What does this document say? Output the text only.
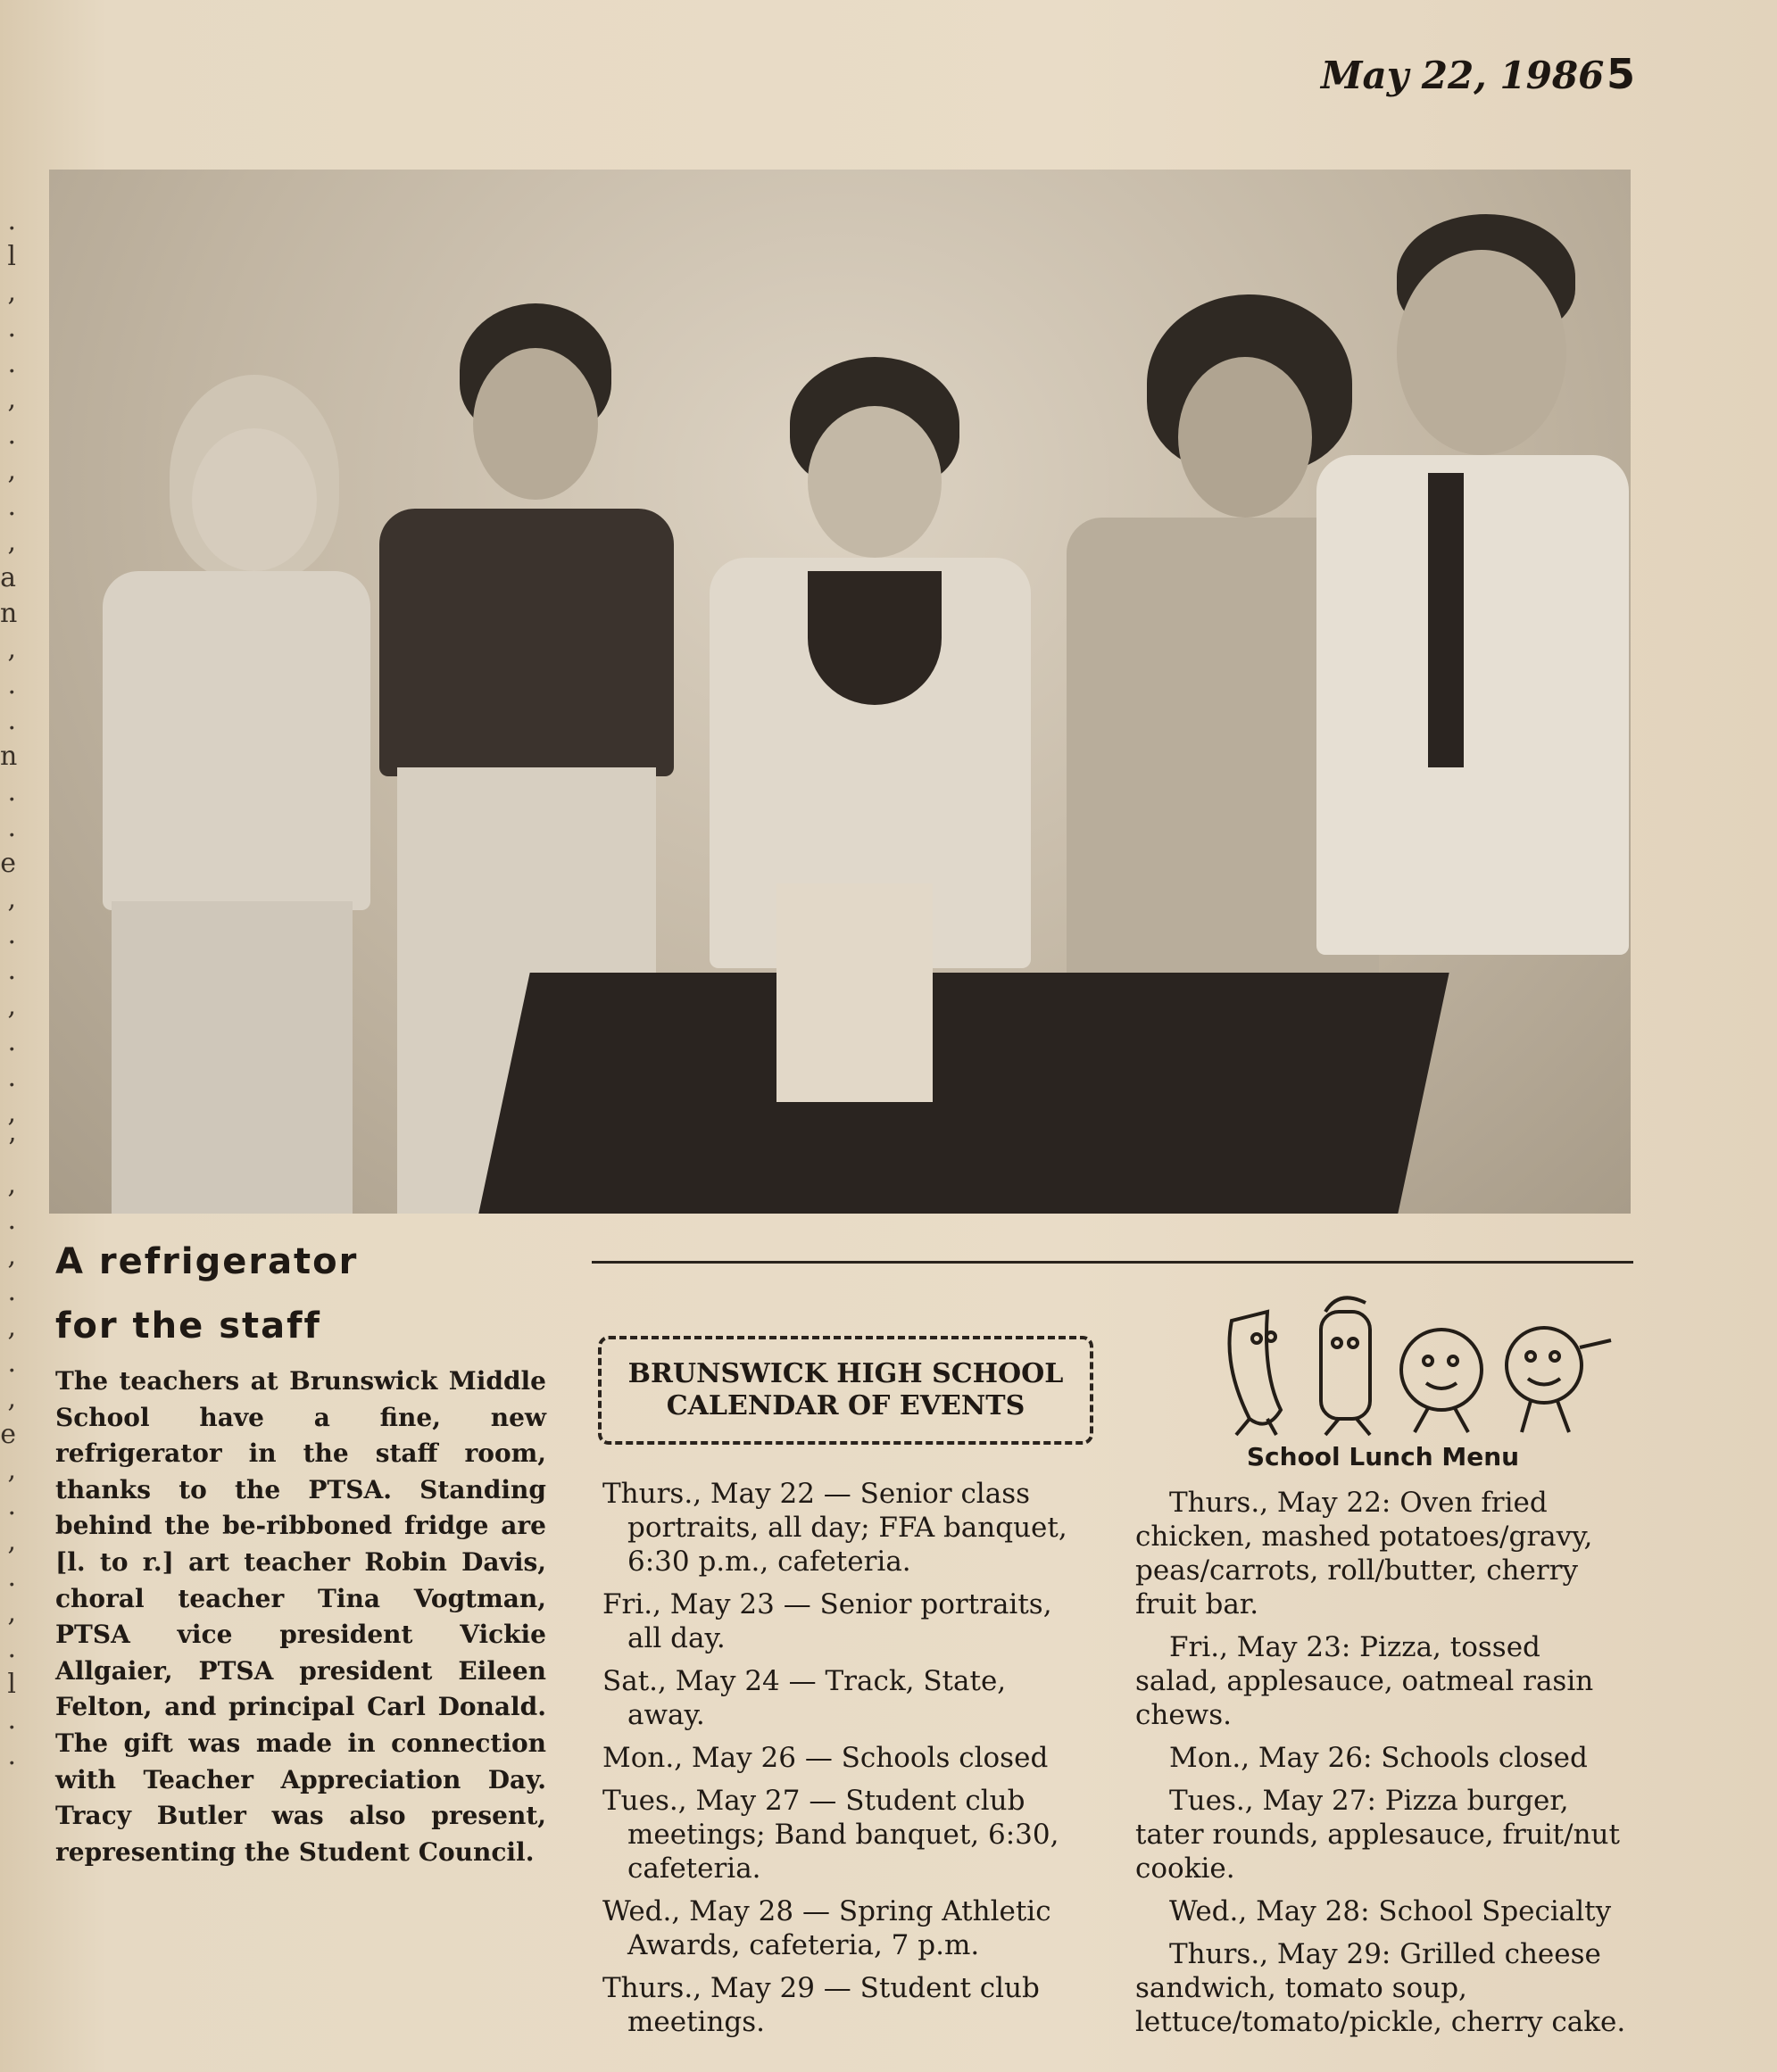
.
l
,
.
.
,
.
,
.
,
a
n
,
.
.
n
.
.
e
,
.
.
,
.
.
,
’
,
.
,
.
,
.
,
e
,
.
,
.
,
.
l
.
.
May 22, 1986 5
A refrigerator
for the staff
The teachers at Brunswick Middle School have a fine, new refrigerator in the staff room, thanks to the PTSA. Standing behind the be-ribboned fridge are [l. to r.] art teacher Robin Davis, choral teacher Tina Vogtman, PTSA vice president Vickie Allgaier, PTSA president Eileen Felton, and principal Carl Donald. The gift was made in connection with Teacher Appreciation Day. Tracy Butler was also present, representing the Student Council.
BRUNSWICK HIGH SCHOOL
CALENDAR OF EVENTS
Thurs., May 22 — Senior class
portraits, all day; FFA banquet, 6:30 p.m., cafeteria.
Fri., May 23 — Senior portraits,
all day.
Sat., May 24 — Track, State,
away.
Mon., May 26 — Schools closed
Tues., May 27 — Student club
meetings; Band banquet, 6:30, cafeteria.
Wed., May 28 — Spring Athletic
Awards, cafeteria, 7 p.m.
Thurs., May 29 — Student club
meetings.
School Lunch Menu
Thurs., May 22: Oven fried chicken, mashed potatoes/gravy, peas/carrots, roll/butter, cherry fruit bar.
Fri., May 23: Pizza, tossed salad, applesauce, oatmeal rasin chews.
Mon., May 26: Schools closed
Tues., May 27: Pizza burger, tater rounds, applesauce, fruit/nut cookie.
Wed., May 28: School Specialty
Thurs., May 29: Grilled cheese sandwich, tomato soup, lettuce/tomato/pickle, cherry cake.
